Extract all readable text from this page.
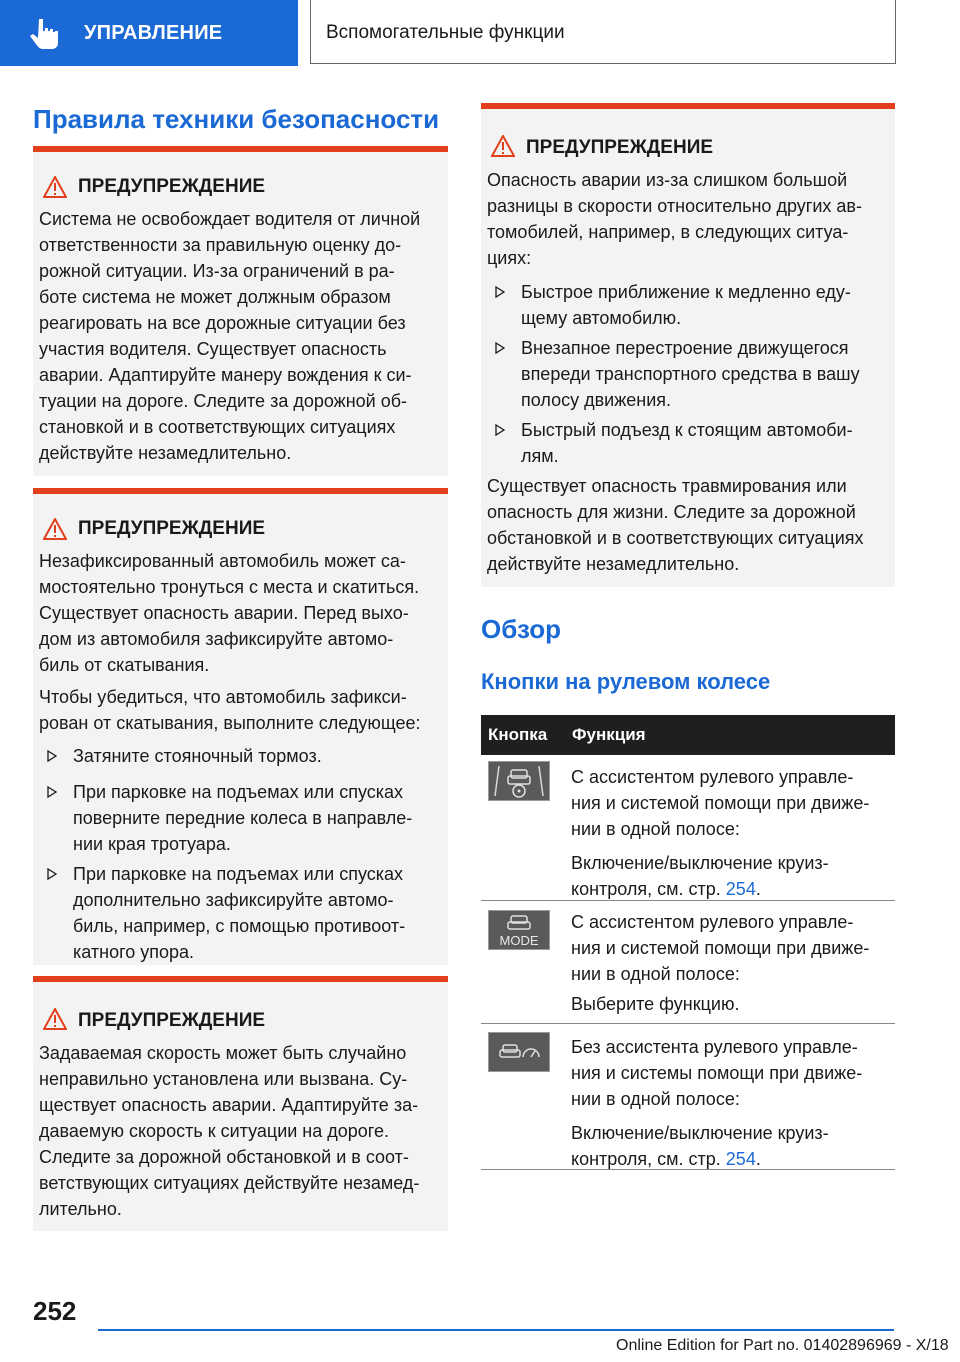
УПРАВЛЕНИЕ	Вспомогательные функции
Правила техники безопасности
ПРЕДУПРЕЖДЕНИЕ

Система не освобождает водителя от личной
ответственности за правильную оценку до-
рожной ситуации. Из-за ограничений в ра-
боте система не может должным образом
реагировать на все дорожные ситуации без
участия водителя. Существует опасность
аварии. Адаптируйте манеру вождения к си-
туации на дороге. Следите за дорожной об-
становкой и в соответствующих ситуациях
действуйте незамедлительно.

ПРЕДУПРЕЖДЕНИЕ

Незафиксированный автомобиль может са-
мостоятельно тронуться с места и скатиться.
Существует опасность аварии. Перед выхо-
дом из автомобиля зафиксируйте автомо-
биль от скатывания.

Чтобы убедиться, что автомобиль зафикси-
рован от скатывания, выполните следующее:

Затяните стояночный тормоз.

При парковке на подъемах или спусках
поверните передние колеса в направле-
нии края тротуара.

При парковке на подъемах или спусках
дополнительно зафиксируйте автомо-
биль, например, с помощью противоот-
катного упора.

ПРЕДУПРЕЖДЕНИЕ

Задаваемая скорость может быть случайно
неправильно установлена или вызвана. Су-
ществует опасность аварии. Адаптируйте за-
даваемую скорость к ситуации на дороге.
Следите за дорожной обстановкой и в соот-
ветствующих ситуациях действуйте незамед-
лительно.

ПРЕДУПРЕЖДЕНИЕ

Опасность аварии из-за слишком большой
разницы в скорости относительно других ав-
томобилей, например, в следующих ситуа-
циях:

Быстрое приближение к медленно еду-
щему автомобилю.

Внезапное перестроение движущегося
впереди транспортного средства в вашу
полосу движения.

Быстрый подъезд к стоящим автомоби-
лям.

Существует опасность травмирования или
опасность для жизни. Следите за дорожной
обстановкой и в соответствующих ситуациях
действуйте незамедлительно.

Обзор
Кнопки на рулевом колесе
Кнопка Функция

С ассистентом рулевого управле-
ния и системой помощи при движе-
нии в одной полосе:

Включение/выключение круиз-
контроля, см. стр. 254.

MODE

С ассистентом рулевого управле-
ния и системой помощи при движе-
нии в одной полосе:

Выберите функцию.

Без ассистента рулевого управле-
ния и системы помощи при движе-
нии в одной полосе:

Включение/выключение круиз-
контроля, см. стр. 254.

252
Online Edition for Part no. 01402896969 - X/18
